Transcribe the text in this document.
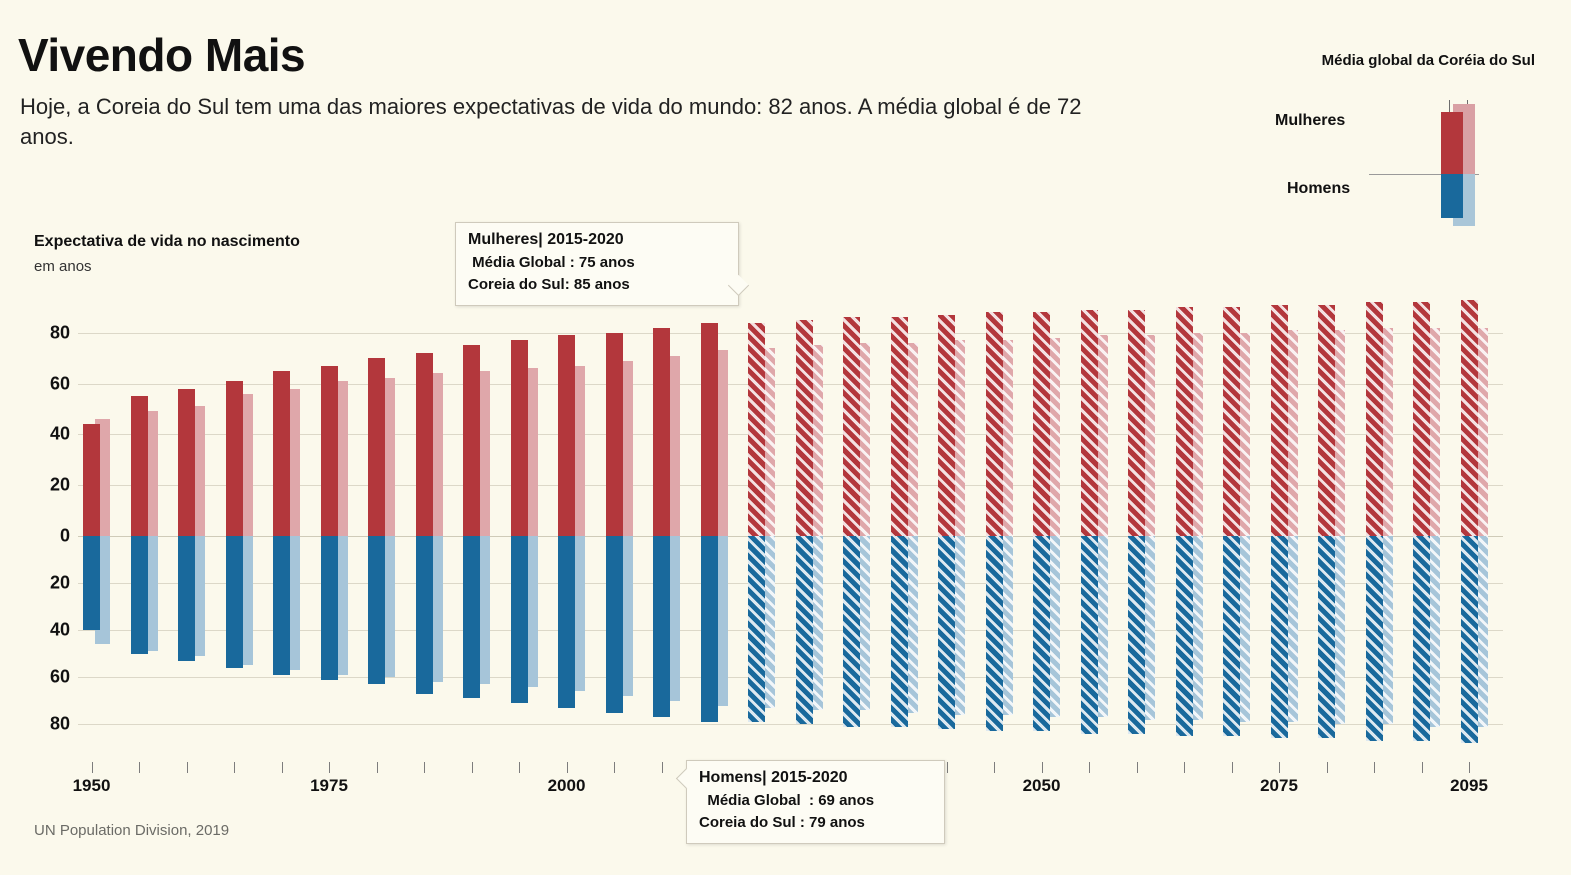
Vivendo Mais
Hoje, a Coreia do Sul tem uma das maiores expectativas de vida do mundo: 82 anos. A média global é de 72 anos.
Média global da Coréia do Sul
Mulheres
Homens
Expectativa de vida no nascimento
em anos
0
20
40
60
80
20
40
60
80
1950	1975	2000	2050	2075	2095
Mulheres| 2015-2020
Média Global : 75 anos
Coreia do Sul: 85 anos
Homens| 2015-2020
Média Global  : 69 anos
Coreia do Sul : 79 anos
UN Population Division, 2019
